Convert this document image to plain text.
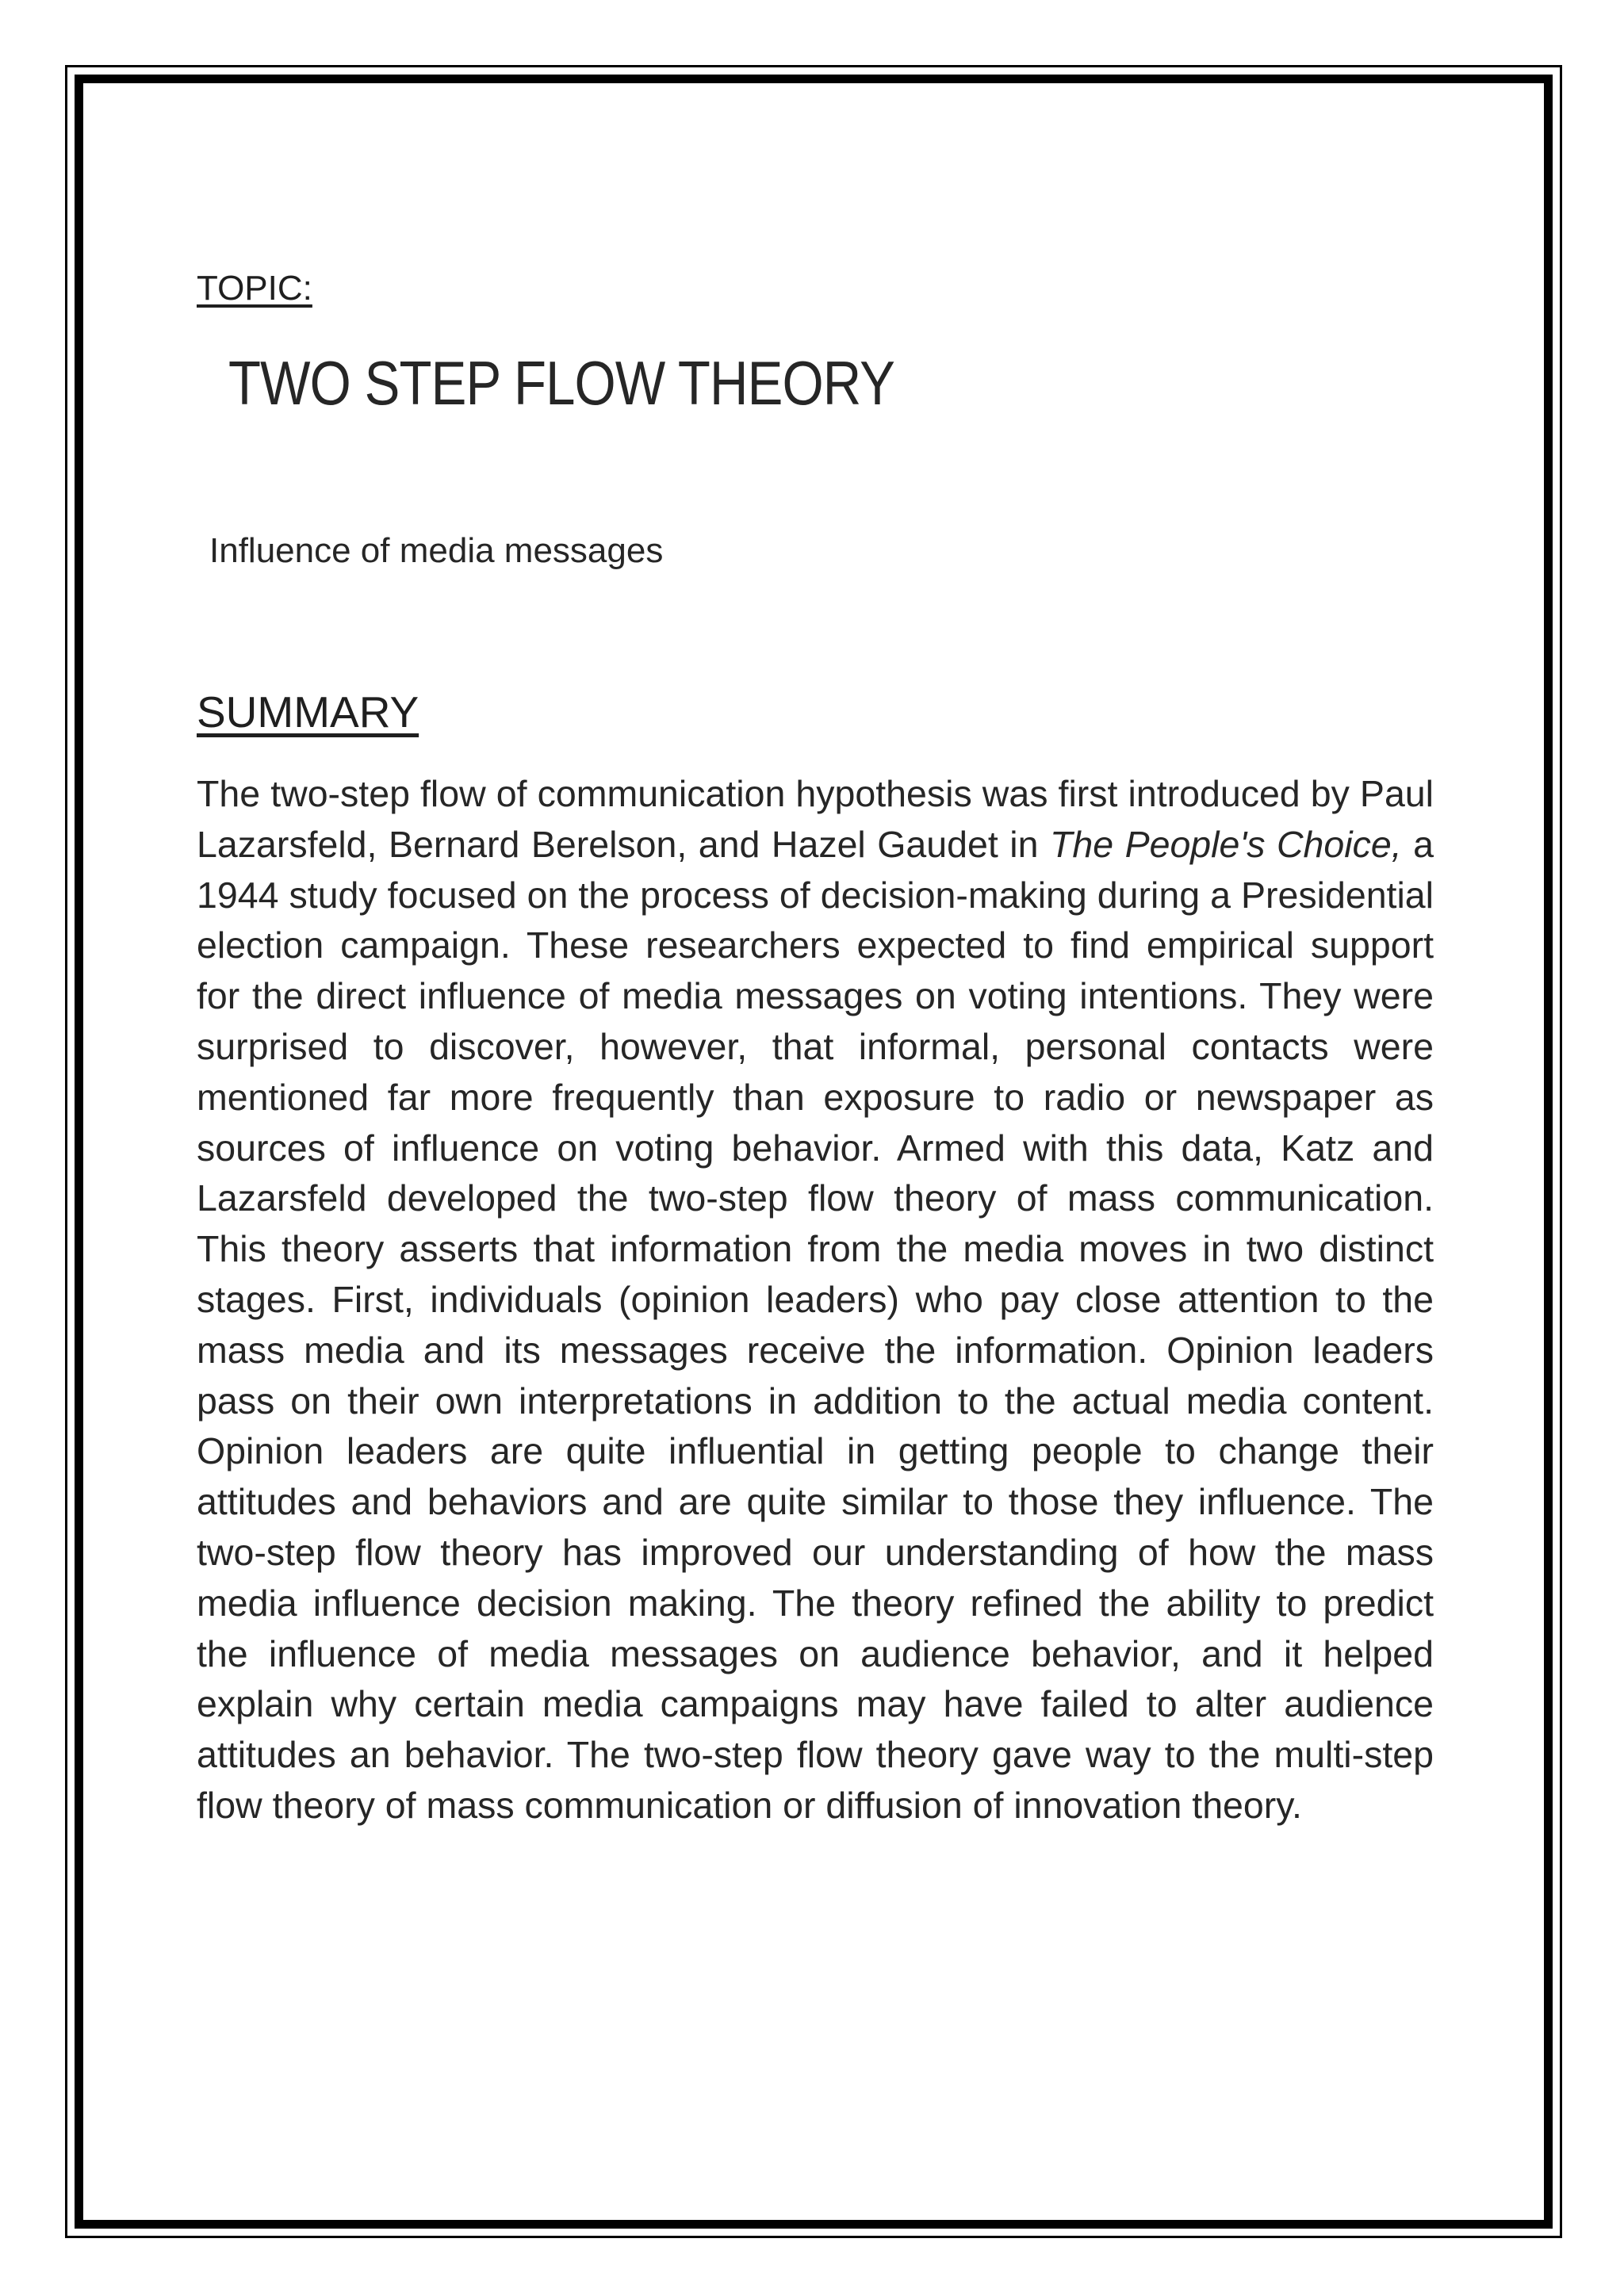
TOPIC:
TWO STEP FLOW THEORY
Influence of media messages
SUMMARY

The two-step flow of communication hypothesis was first introduced by Paul Lazarsfeld, Bernard Berelson, and Hazel Gaudet in The People's Choice, a 1944 study focused on the process of decision-making during a Presidential election campaign. These researchers expected to find empirical support for the direct influence of media messages on voting intentions. They were surprised to discover, however, that informal, personal contacts were mentioned far more frequently than exposure to radio or newspaper as sources of influence on voting behavior. Armed with this data, Katz and Lazarsfeld developed the two-step flow theory of mass communication. This theory asserts that information from the media moves in two distinct stages. First, individuals (opinion leaders) who pay close attention to the mass media and its messages receive the information. Opinion leaders pass on their own interpretations in addition to the actual media content. Opinion leaders are quite influential in getting people to change their attitudes and behaviors and are quite similar to those they influence. The two-step flow theory has improved our understanding of how the mass media influence decision making. The theory refined the ability to predict the influence of media messages on audience behavior, and it helped explain why certain media campaigns may have failed to alter audience attitudes an behavior. The two-step flow theory gave way to the multi-step flow theory of mass communication or diffusion of innovation theory.
